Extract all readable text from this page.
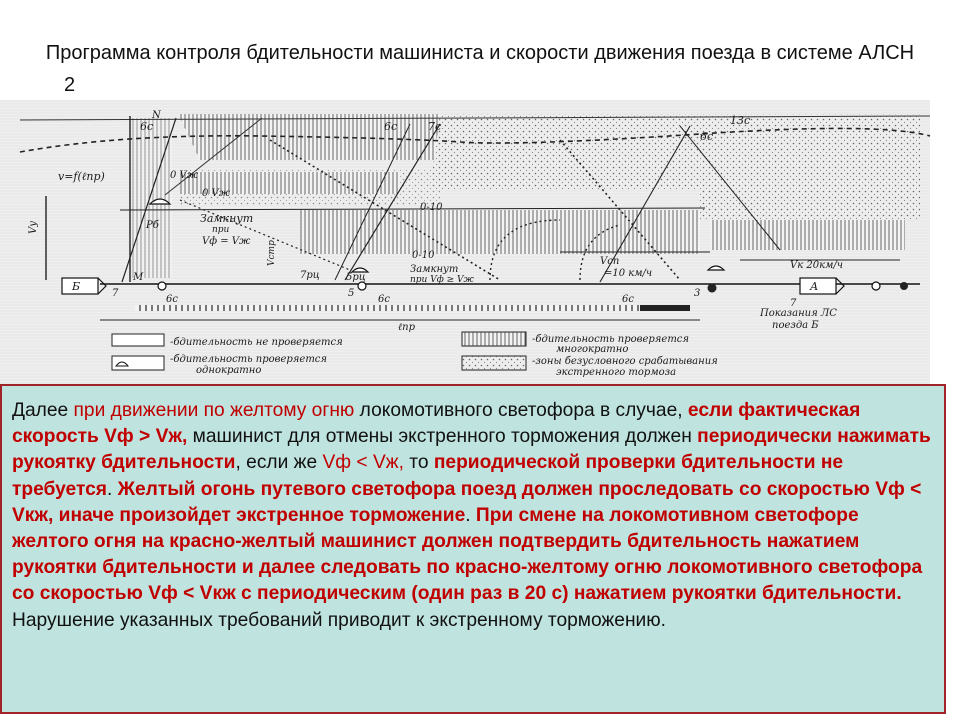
Программа контроля бдительности машиниста и скорости движения поезда в системе АЛСН
2
N
M
Б	А
v=f(ℓпр)
Vу
6с	6с	7с	13с
6с
0 Vж
0 Vж
Замкнут
при
Vф = Vж
Рб
0-10
0-10
Замкнут
при Vф ≥ Vж
Vстр	Vсп
=10 км/ч
Vк 20км/ч
7рц	5рц
7	5	3
7
6с	6с	6с
ℓпр
Показания ЛС
поезда Б
-бдительность не проверяется
-бдительность проверяется
однократно
-бдительность проверяется
многократно
-зоны безусловного срабатывания
экстренного тормоза
Далее при движении по желтому огню локомотивного светофора в случае, если фактическая скорость Vф > Vж, машинист для отмены экстренного торможения должен периодически нажимать рукоятку бдительности, если же Vф < Vж, то периодической проверки бдительности не требуется. Желтый огонь путевого светофора поезд должен проследовать со скоростью Vф < Vкж, иначе произойдет экстренное торможение. При смене на локомотивном светофоре желтого огня на красно-желтый машинист должен подтвердить бдительность нажатием рукоятки бдительности и далее следовать по красно-желтому огню локомотивного светофора со скоростью Vф < Vкж с периодическим (один раз в 20 с) нажатием рукоятки бдительности. Нарушение указанных требований приводит к экстренному торможению.
